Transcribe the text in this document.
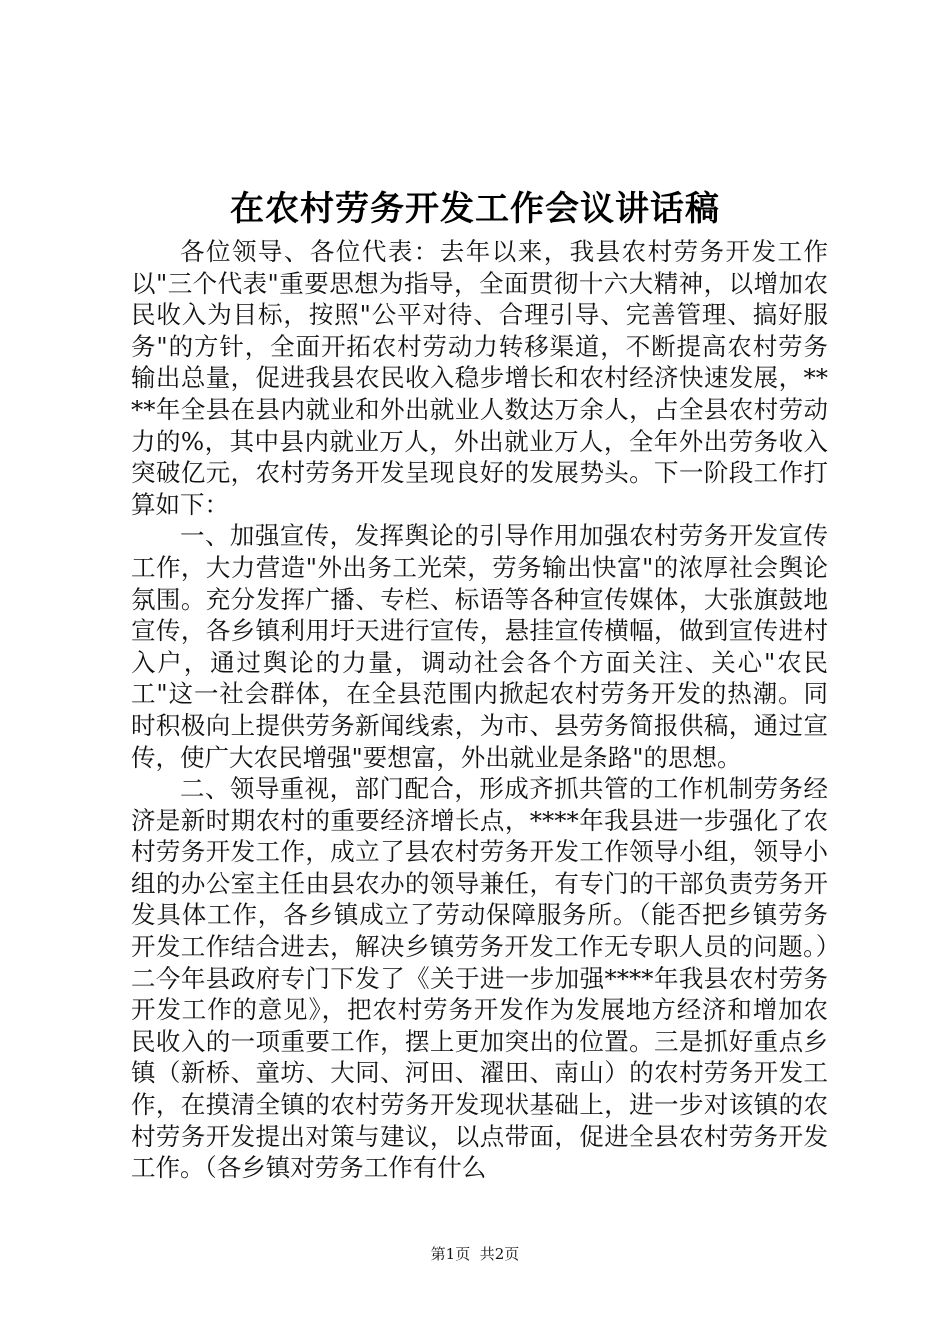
在农村劳务开发工作会议讲话稿

各位领导、各位代表：去年以来，我县农村劳务开发工作以"三个代表"重要思想为指导，全面贯彻十六大精神，以增加农民收入为目标，按照"公平对待、合理引导、完善管理、搞好服务"的方针，全面开拓农村劳动力转移渠道，不断提高农村劳务输出总量，促进我县农民收入稳步增长和农村经济快速发展，****年全县在县内就业和外出就业人数达万余人，占全县农村劳动力的%，其中县内就业万人，外出就业万人，全年外出劳务收入突破亿元，农村劳务开发呈现良好的发展势头。下一阶段工作打算如下：

一、加强宣传，发挥舆论的引导作用加强农村劳务开发宣传工作，大力营造"外出务工光荣，劳务输出快富"的浓厚社会舆论氛围。充分发挥广播、专栏、标语等各种宣传媒体，大张旗鼓地宣传，各乡镇利用圩天进行宣传，悬挂宣传横幅，做到宣传进村入户，通过舆论的力量，调动社会各个方面关注、关心"农民工"这一社会群体，在全县范围内掀起农村劳务开发的热潮。同时积极向上提供劳务新闻线索，为市、县劳务简报供稿，通过宣传，使广大农民增强"要想富，外出就业是条路"的思想。

二、领导重视，部门配合，形成齐抓共管的工作机制劳务经济是新时期农村的重要经济增长点，****年我县进一步强化了农村劳务开发工作，成立了县农村劳务开发工作领导小组，领导小组的办公室主任由县农办的领导兼任，有专门的干部负责劳务开发具体工作，各乡镇成立了劳动保障服务所。（能否把乡镇劳务开发工作结合进去，解决乡镇劳务开发工作无专职人员的问题。）二今年县政府专门下发了《关于进一步加强****年我县农村劳务开发工作的意见》，把农村劳务开发作为发展地方经济和增加农民收入的一项重要工作，摆上更加突出的位置。三是抓好重点乡镇（新桥、童坊、大同、河田、濯田、南山）的农村劳务开发工作，在摸清全镇的农村劳务开发现状基础上，进一步对该镇的农村劳务开发提出对策与建议，以点带面，促进全县农村劳务开发工作。（各乡镇对劳务工作有什么

第1页 共2页
